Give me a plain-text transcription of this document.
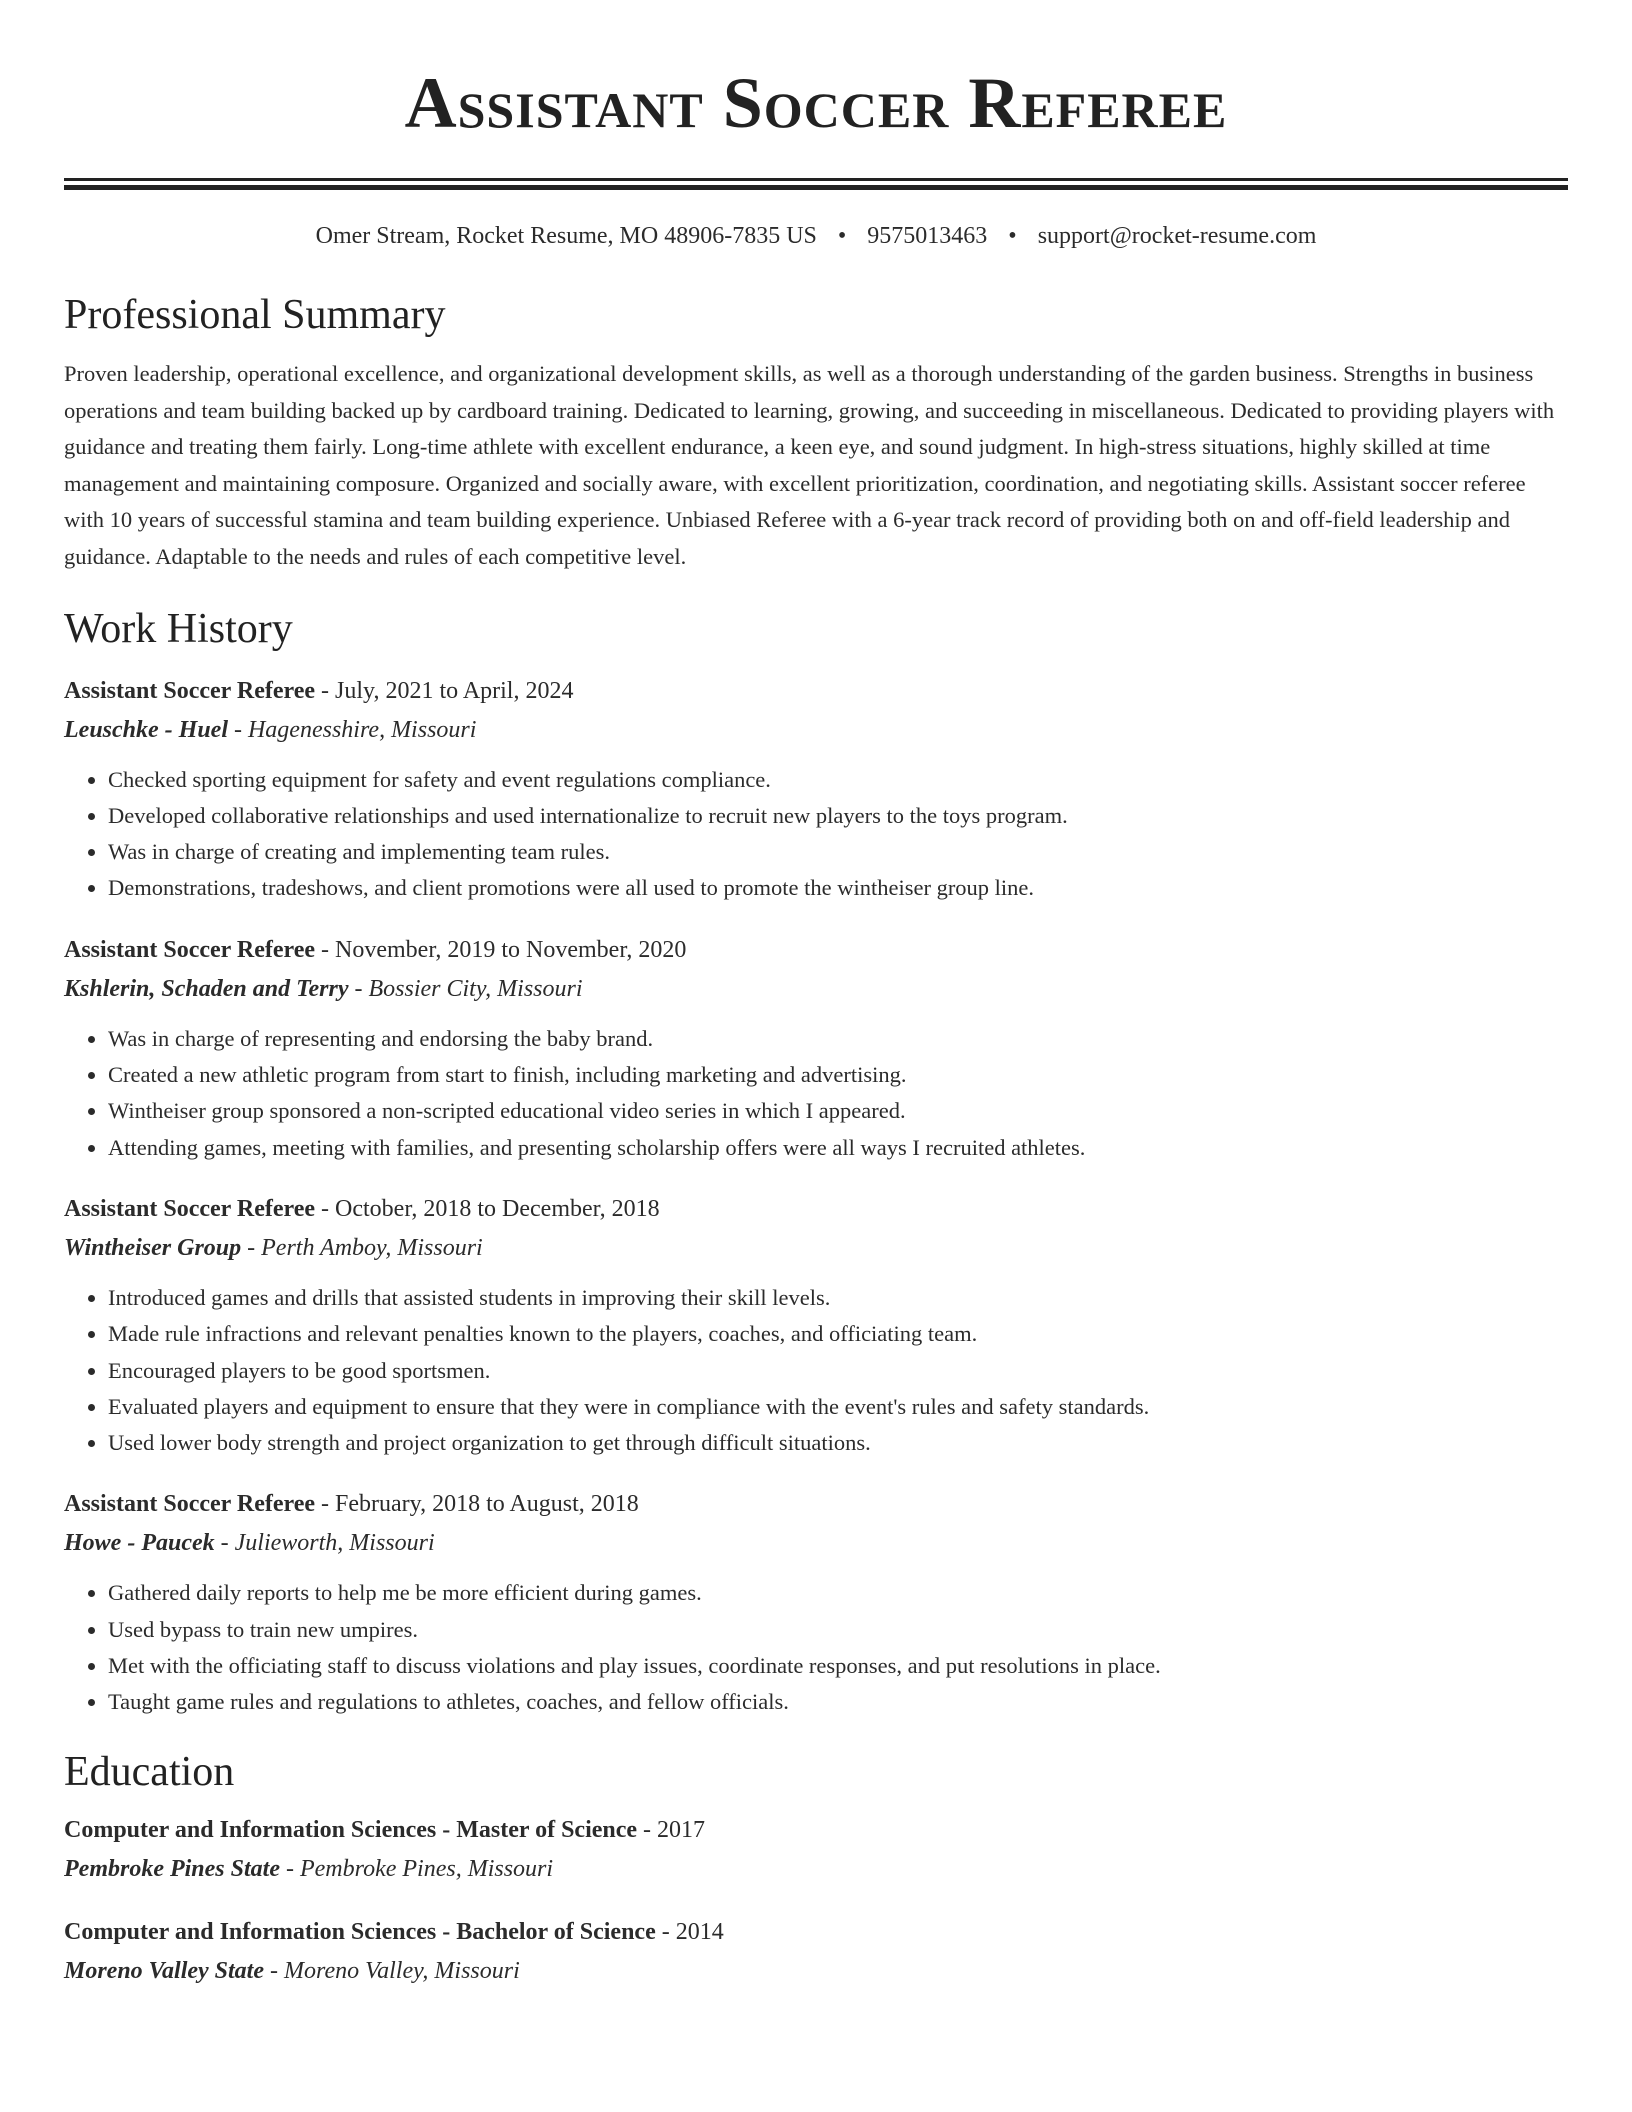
Assistant Soccer Referee
Omer Stream, Rocket Resume, MO 48906-7835 US • 9575013463 • support@rocket-resume.com
Professional Summary
Proven leadership, operational excellence, and organizational development skills, as well as a thorough understanding of the garden business. Strengths in business operations and team building backed up by cardboard training. Dedicated to learning, growing, and succeeding in miscellaneous. Dedicated to providing players with guidance and treating them fairly. Long-time athlete with excellent endurance, a keen eye, and sound judgment. In high-stress situations, highly skilled at time management and maintaining composure. Organized and socially aware, with excellent prioritization, coordination, and negotiating skills. Assistant soccer referee with 10 years of successful stamina and team building experience. Unbiased Referee with a 6-year track record of providing both on and off-field leadership and guidance. Adaptable to the needs and rules of each competitive level.
Work History
Assistant Soccer Referee - July, 2021 to April, 2024
Leuschke - Huel - Hagenesshire, Missouri
• Checked sporting equipment for safety and event regulations compliance.
• Developed collaborative relationships and used internationalize to recruit new players to the toys program.
• Was in charge of creating and implementing team rules.
• Demonstrations, tradeshows, and client promotions were all used to promote the wintheiser group line.
Assistant Soccer Referee - November, 2019 to November, 2020
Kshlerin, Schaden and Terry - Bossier City, Missouri
• Was in charge of representing and endorsing the baby brand.
• Created a new athletic program from start to finish, including marketing and advertising.
• Wintheiser group sponsored a non-scripted educational video series in which I appeared.
• Attending games, meeting with families, and presenting scholarship offers were all ways I recruited athletes.
Assistant Soccer Referee - October, 2018 to December, 2018
Wintheiser Group - Perth Amboy, Missouri
• Introduced games and drills that assisted students in improving their skill levels.
• Made rule infractions and relevant penalties known to the players, coaches, and officiating team.
• Encouraged players to be good sportsmen.
• Evaluated players and equipment to ensure that they were in compliance with the event's rules and safety standards.
• Used lower body strength and project organization to get through difficult situations.
Assistant Soccer Referee - February, 2018 to August, 2018
Howe - Paucek - Julieworth, Missouri
• Gathered daily reports to help me be more efficient during games.
• Used bypass to train new umpires.
• Met with the officiating staff to discuss violations and play issues, coordinate responses, and put resolutions in place.
• Taught game rules and regulations to athletes, coaches, and fellow officials.
Education
Computer and Information Sciences - Master of Science - 2017
Pembroke Pines State - Pembroke Pines, Missouri
Computer and Information Sciences - Bachelor of Science - 2014
Moreno Valley State - Moreno Valley, Missouri
